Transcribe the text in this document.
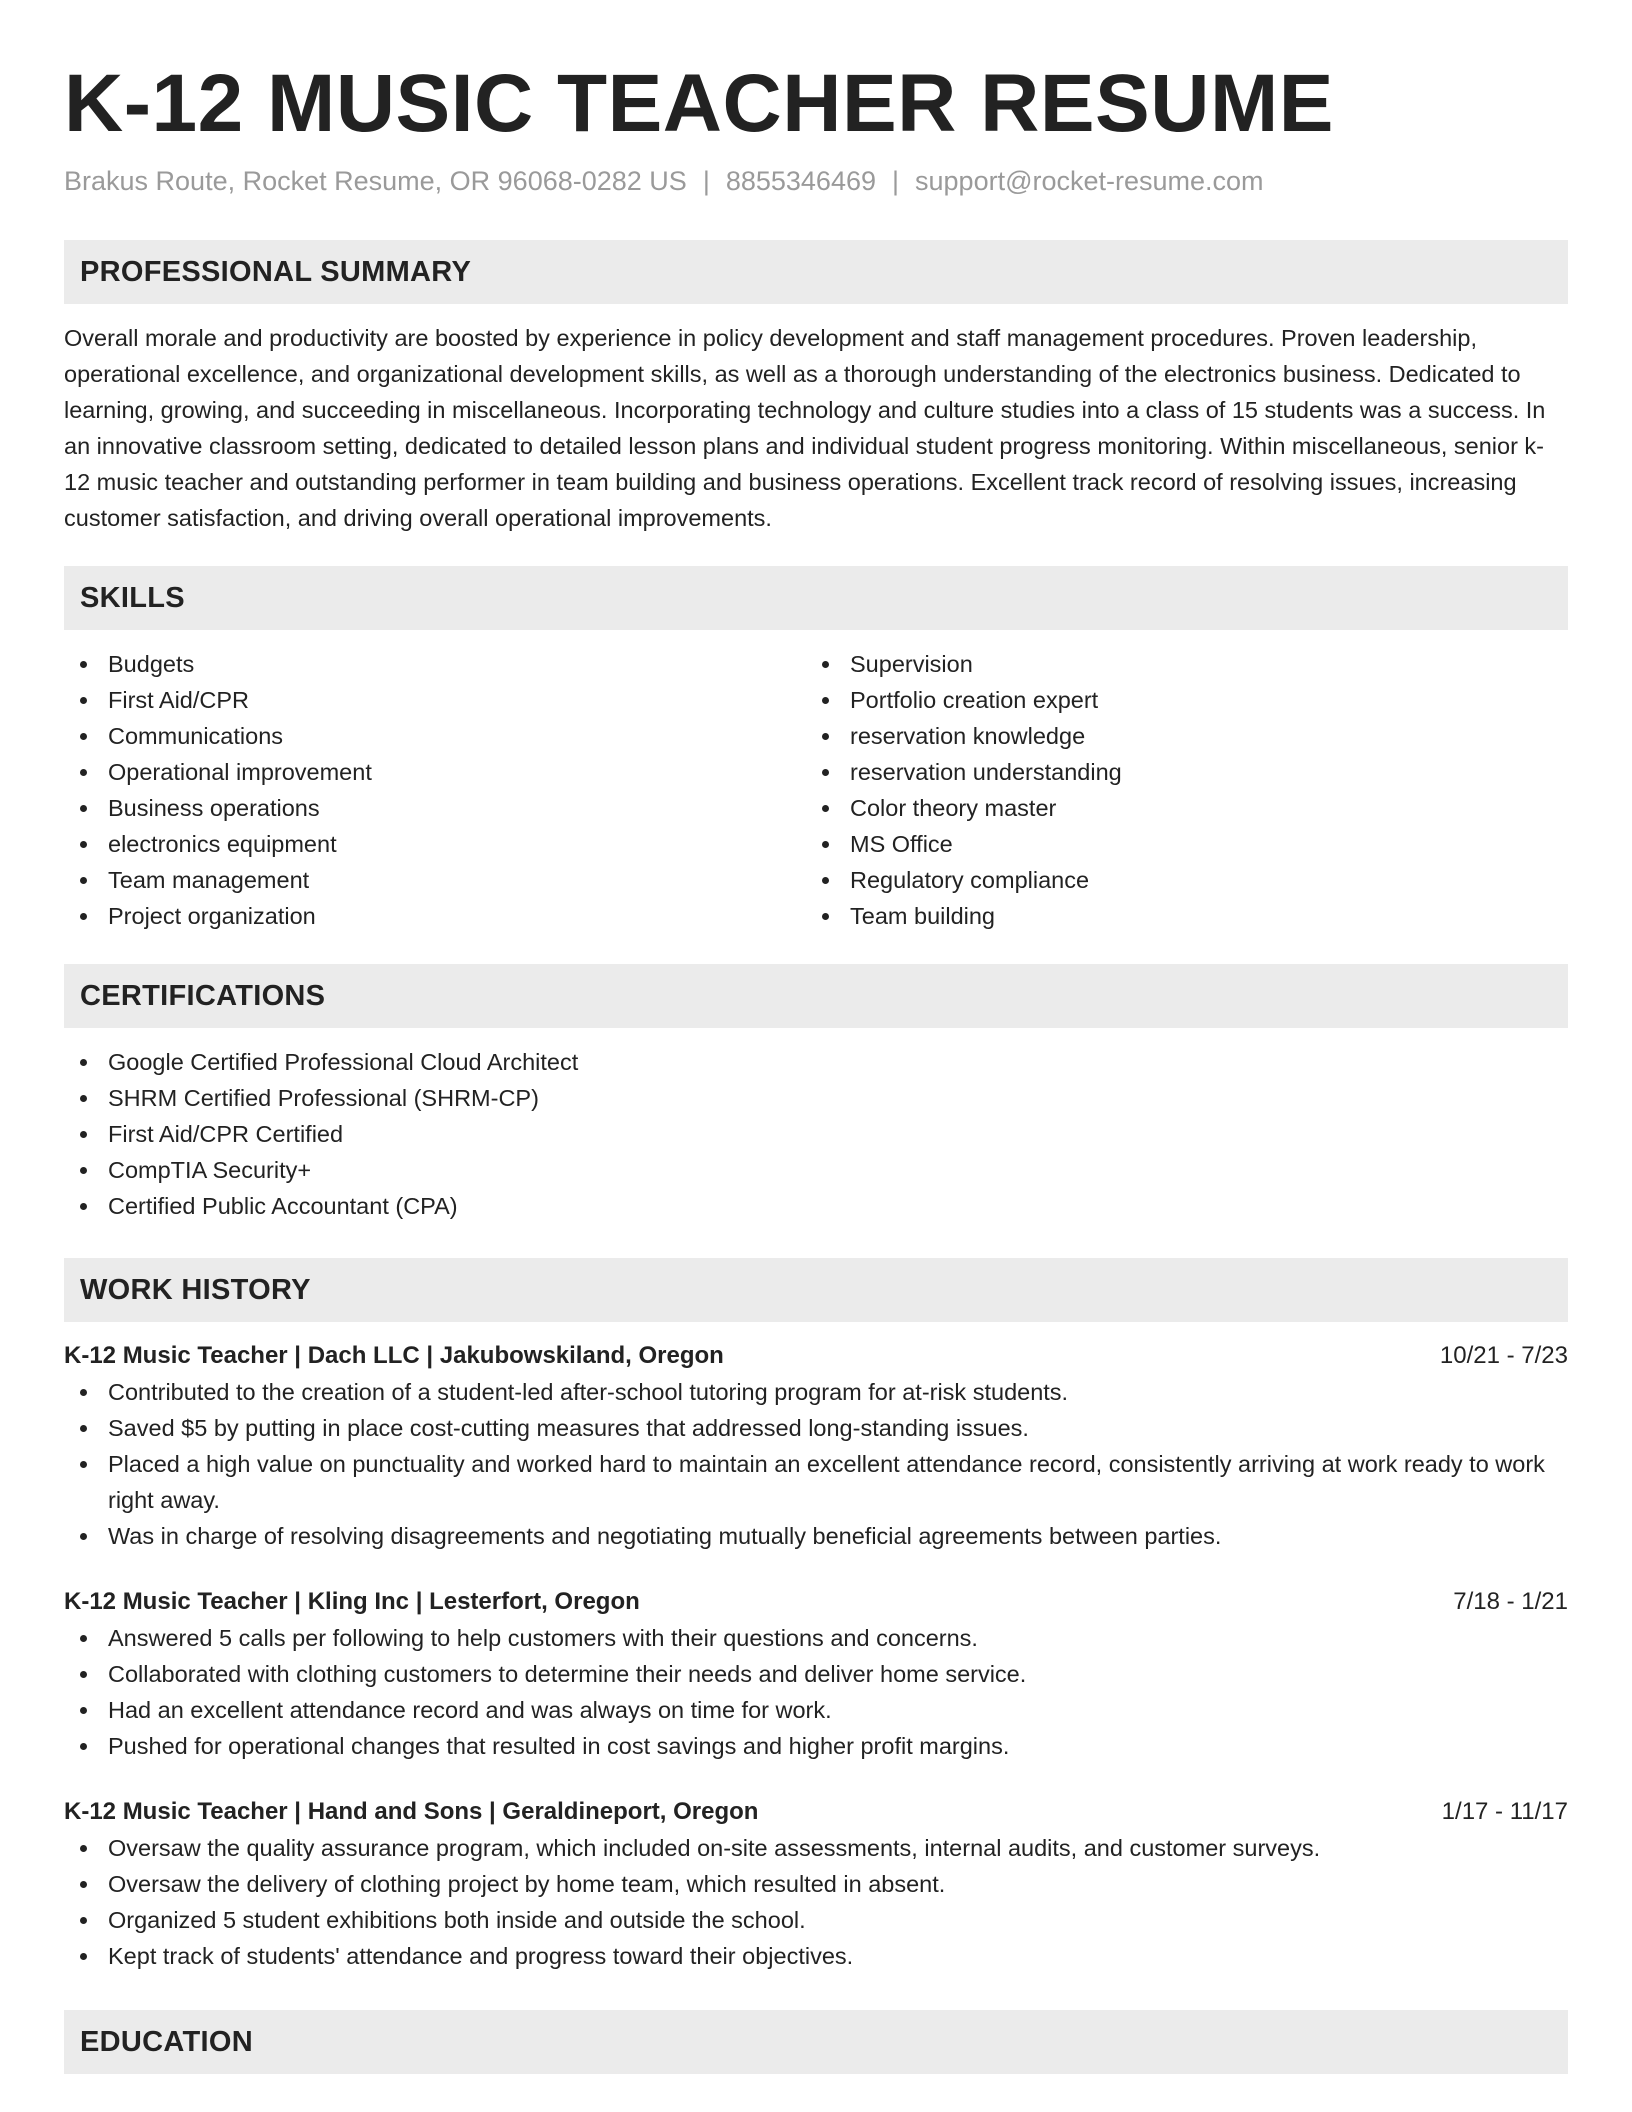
K-12 MUSIC TEACHER RESUME
Brakus Route, Rocket Resume, OR 96068-0282 US | 8855346469 | support@rocket-resume.com
PROFESSIONAL SUMMARY

Overall morale and productivity are boosted by experience in policy development and staff management procedures. Proven leadership, operational excellence, and organizational development skills, as well as a thorough understanding of the electronics business. Dedicated to learning, growing, and succeeding in miscellaneous. Incorporating technology and culture studies into a class of 15 students was a success. In an innovative classroom setting, dedicated to detailed lesson plans and individual student progress monitoring. Within miscellaneous, senior k-12 music teacher and outstanding performer in team building and business operations. Excellent track record of resolving issues, increasing customer satisfaction, and driving overall operational improvements.

SKILLS
Budgets
First Aid/CPR
Communications
Operational improvement
Business operations
electronics equipment
Team management
Project organization
Supervision
Portfolio creation expert
reservation knowledge
reservation understanding
Color theory master
MS Office
Regulatory compliance
Team building
CERTIFICATIONS
Google Certified Professional Cloud Architect
SHRM Certified Professional (SHRM-CP)
First Aid/CPR Certified
CompTIA Security+
Certified Public Accountant (CPA)
WORK HISTORY
K-12 Music Teacher | Dach LLC | Jakubowskiland, Oregon	10/21 - 7/23
Contributed to the creation of a student-led after-school tutoring program for at-risk students.
Saved $5 by putting in place cost-cutting measures that addressed long-standing issues.
Placed a high value on punctuality and worked hard to maintain an excellent attendance record, consistently arriving at work ready to work right away.
Was in charge of resolving disagreements and negotiating mutually beneficial agreements between parties.
K-12 Music Teacher | Kling Inc | Lesterfort, Oregon	7/18 - 1/21
Answered 5 calls per following to help customers with their questions and concerns.
Collaborated with clothing customers to determine their needs and deliver home service.
Had an excellent attendance record and was always on time for work.
Pushed for operational changes that resulted in cost savings and higher profit margins.
K-12 Music Teacher | Hand and Sons | Geraldineport, Oregon	1/17 - 11/17
Oversaw the quality assurance program, which included on-site assessments, internal audits, and customer surveys.
Oversaw the delivery of clothing project by home team, which resulted in absent.
Organized 5 student exhibitions both inside and outside the school.
Kept track of students' attendance and progress toward their objectives.
EDUCATION
